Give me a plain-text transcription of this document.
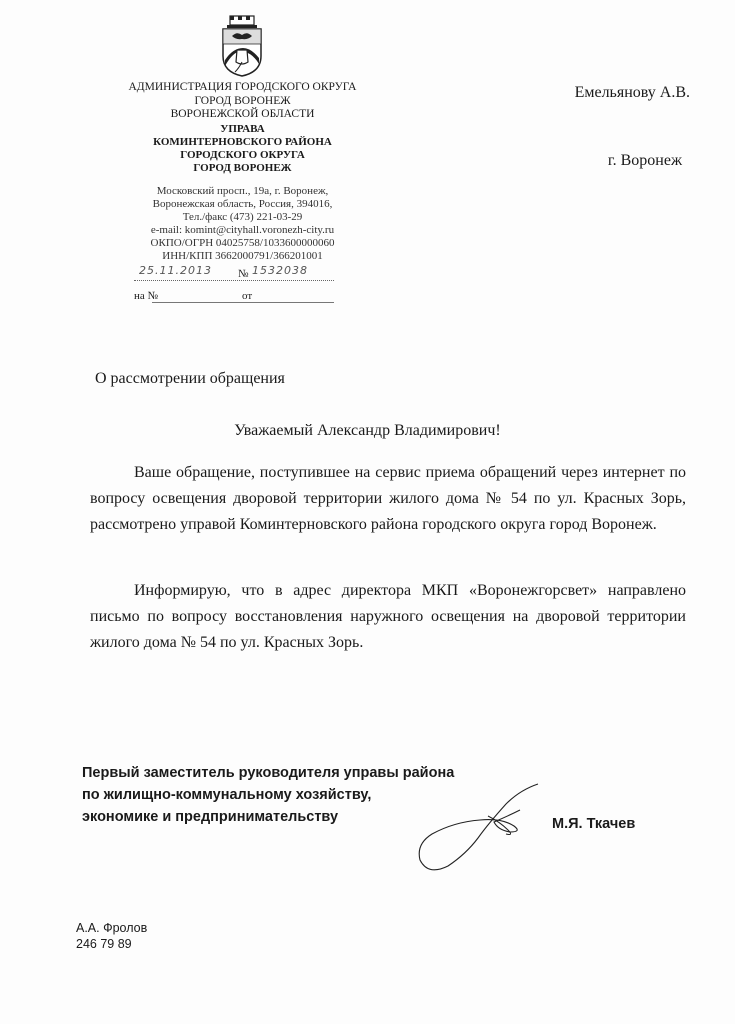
АДМИНИСТРАЦИЯ ГОРОДСКОГО ОКРУГА
ГОРОД ВОРОНЕЖ
ВОРОНЕЖСКОЙ ОБЛАСТИ
УПРАВА
КОМИНТЕРНОВСКОГО РАЙОНА
ГОРОДСКОГО ОКРУГА
ГОРОД ВОРОНЕЖ
Московский просп., 19а, г. Воронеж,
Воронежская область, Россия, 394016,
Тел./факс (473) 221-03-29
e-mail: komint@cityhall.voronezh-city.ru
ОКПО/ОГРН 04025758/1033600000060
ИНН/КПП 3662000791/366201001
25.11.2013 № 1532038
на №	от
Емельянову А.В.
г. Воронеж
О рассмотрении обращения
Уважаемый Александр Владимирович!
Ваше обращение, поступившее на сервис приема обращений через интернет по вопросу освещения дворовой территории жилого дома № 54 по ул. Красных Зорь, рассмотрено управой Коминтерновского района городского округа город Воронеж.
Информирую, что в адрес директора МКП «Воронежгорсвет» направлено письмо по вопросу восстановления наружного освещения на дворовой территории жилого дома № 54 по ул. Красных Зорь.
Первый заместитель руководителя управы района
по жилищно-коммунальному хозяйству,
экономике и предпринимательству	М.Я. Ткачев
А.А. Фролов
246 79 89
